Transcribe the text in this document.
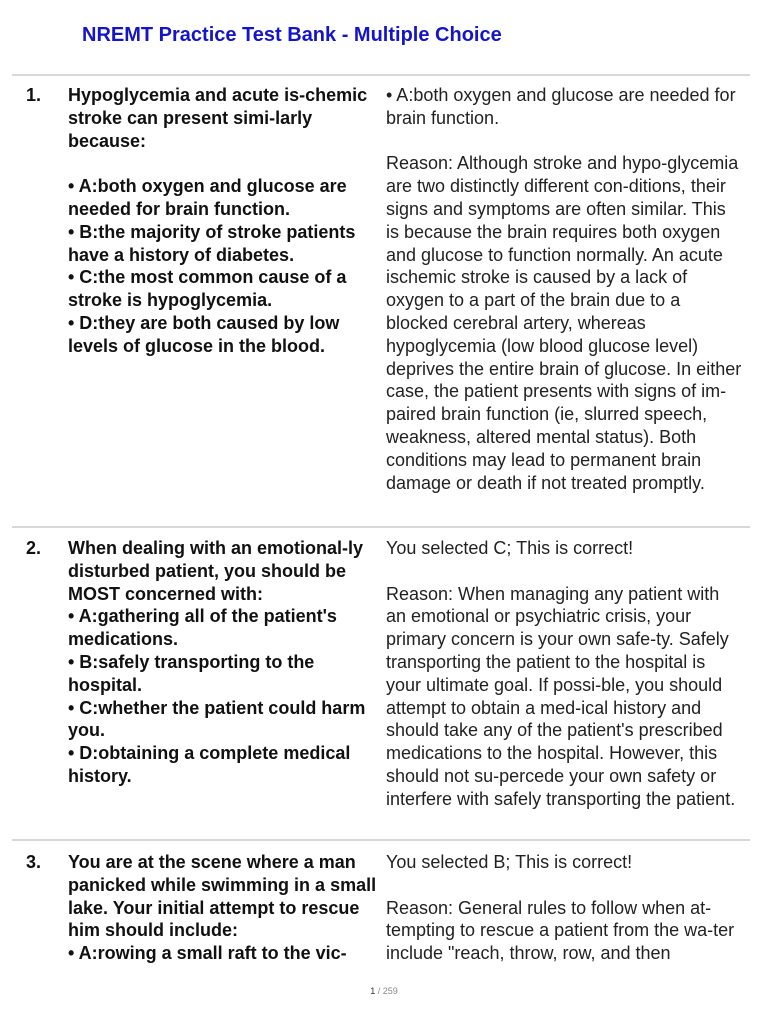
NREMT Practice Test Bank - Multiple Choice
1. Hypoglycemia and acute is-chemic stroke can present simi-larly because:

• A:both oxygen and glucose are needed for brain function.
• B:the majority of stroke patients have a history of diabetes.
• C:the most common cause of a stroke is hypoglycemia.
• D:they are both caused by low levels of glucose in the blood.

• A:both oxygen and glucose are needed for brain function.

Reason: Although stroke and hypo-glycemia are two distinctly different con-ditions, their signs and symptoms are often similar. This is because the brain requires both oxygen and glucose to function normally. An acute ischemic stroke is caused by a lack of oxygen to a part of the brain due to a blocked cerebral artery, whereas hypoglycemia (low blood glucose level) deprives the entire brain of glucose. In either case, the patient presents with signs of im-paired brain function (ie, slurred speech, weakness, altered mental status). Both conditions may lead to permanent brain damage or death if not treated promptly.

2. When dealing with an emotional-ly disturbed patient, you should be MOST concerned with:

• A:gathering all of the patient's medications.
• B:safely transporting to the hospital.
• C:whether the patient could harm you.
• D:obtaining a complete medical history.

You selected C; This is correct!

Reason: When managing any patient with an emotional or psychiatric crisis, your primary concern is your own safe-ty. Safely transporting the patient to the hospital is your ultimate goal. If possi-ble, you should attempt to obtain a med-ical history and should take any of the patient's prescribed medications to the hospital. However, this should not su-percede your own safety or interfere with safely transporting the patient.

3. You are at the scene where a man panicked while swimming in a small lake. Your initial attempt to rescue him should include:

• A:rowing a small raft to the vic-

You selected B; This is correct!

Reason: General rules to follow when at-tempting to rescue a patient from the wa-ter include "reach, throw, row, and then

1 / 259
